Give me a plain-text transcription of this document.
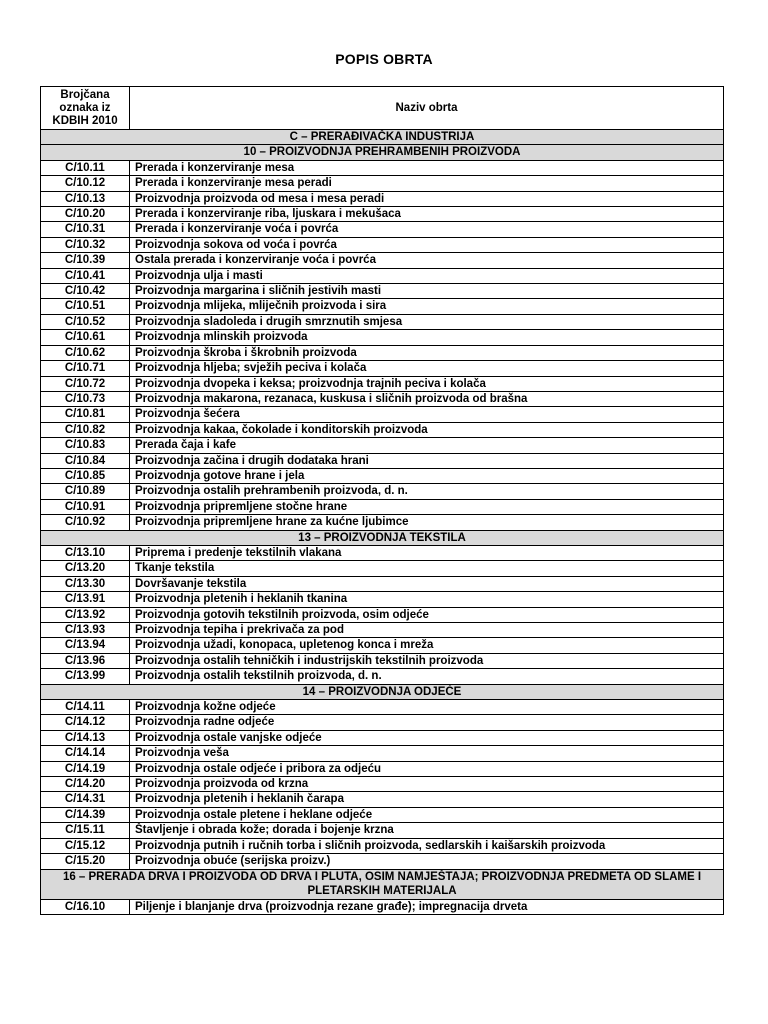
POPIS OBRTA
Brojčana oznaka iz KDBIH 2010	Naziv obrta
C – PRERAĐIVAČKA INDUSTRIJA	
10 – PROIZVODNJA PREHRAMBENIH PROIZVODA	
C/10.11	Prerada i konzerviranje mesa
C/10.12	Prerada i konzerviranje mesa peradi
C/10.13	Proizvodnja proizvoda od mesa i mesa peradi
C/10.20	Prerada i konzerviranje riba, ljuskara i mekušaca
C/10.31	Prerada i konzerviranje voća i povrća
C/10.32	Proizvodnja sokova od voća i povrća
C/10.39	Ostala prerada i konzerviranje voća i povrća
C/10.41	Proizvodnja ulja i masti
C/10.42	Proizvodnja margarina i sličnih jestivih masti
C/10.51	Proizvodnja mlijeka, mliječnih proizvoda i sira
C/10.52	Proizvodnja sladoleda i drugih smrznutih smjesa
C/10.61	Proizvodnja mlinskih proizvoda
C/10.62	Proizvodnja škroba i škrobnih proizvoda
C/10.71	Proizvodnja hljeba; svježih peciva i kolača
C/10.72	Proizvodnja dvopeka i keksa; proizvodnja trajnih peciva i kolača
C/10.73	Proizvodnja makarona, rezanaca, kuskusa i sličnih proizvoda od brašna
C/10.81	Proizvodnja šećera
C/10.82	Proizvodnja kakaa, čokolade i konditorskih proizvoda
C/10.83	Prerada čaja i kafe
C/10.84	Proizvodnja začina i drugih dodataka hrani
C/10.85	Proizvodnja gotove hrane i jela
C/10.89	Proizvodnja ostalih prehrambenih proizvoda, d. n.
C/10.91	Proizvodnja pripremljene stočne hrane
C/10.92	Proizvodnja pripremljene hrane za kućne ljubimce
13 – PROIZVODNJA TEKSTILA	
C/13.10	Priprema i predenje tekstilnih vlakana
C/13.20	Tkanje tekstila
C/13.30	Dovršavanje tekstila
C/13.91	Proizvodnja pletenih i heklanih tkanina
C/13.92	Proizvodnja gotovih tekstilnih proizvoda, osim odjeće
C/13.93	Proizvodnja tepiha i prekrivača za pod
C/13.94	Proizvodnja užadi, konopaca, upletenog konca i mreža
C/13.96	Proizvodnja ostalih tehničkih i industrijskih tekstilnih proizvoda
C/13.99	Proizvodnja ostalih tekstilnih proizvoda, d. n.
14 – PROIZVODNJA ODJEĆE	
C/14.11	Proizvodnja kožne odjeće
C/14.12	Proizvodnja radne odjeće
C/14.13	Proizvodnja ostale vanjske odjeće
C/14.14	Proizvodnja veša
C/14.19	Proizvodnja ostale odjeće i pribora za odjeću
C/14.20	Proizvodnja proizvoda od krzna
C/14.31	Proizvodnja pletenih i heklanih čarapa
C/14.39	Proizvodnja ostale pletene i heklane odjeće
C/15.11	Štavljenje i obrada kože; dorada i bojenje krzna
C/15.12	Proizvodnja putnih i ručnih torba i sličnih proizvoda, sedlarskih i kaišarskih proizvoda
C/15.20	Proizvodnja obuće (serijska proizv.)
16 – PRERADA DRVA I PROIZVODA OD DRVA I PLUTA, OSIM NAMJEŠTAJA; PROIZVODNJA PREDMETA OD SLAME I PLETARSKIH MATERIJALA	
C/16.10	Piljenje i blanjanje drva (proizvodnja rezane građe); impregnacija drveta
